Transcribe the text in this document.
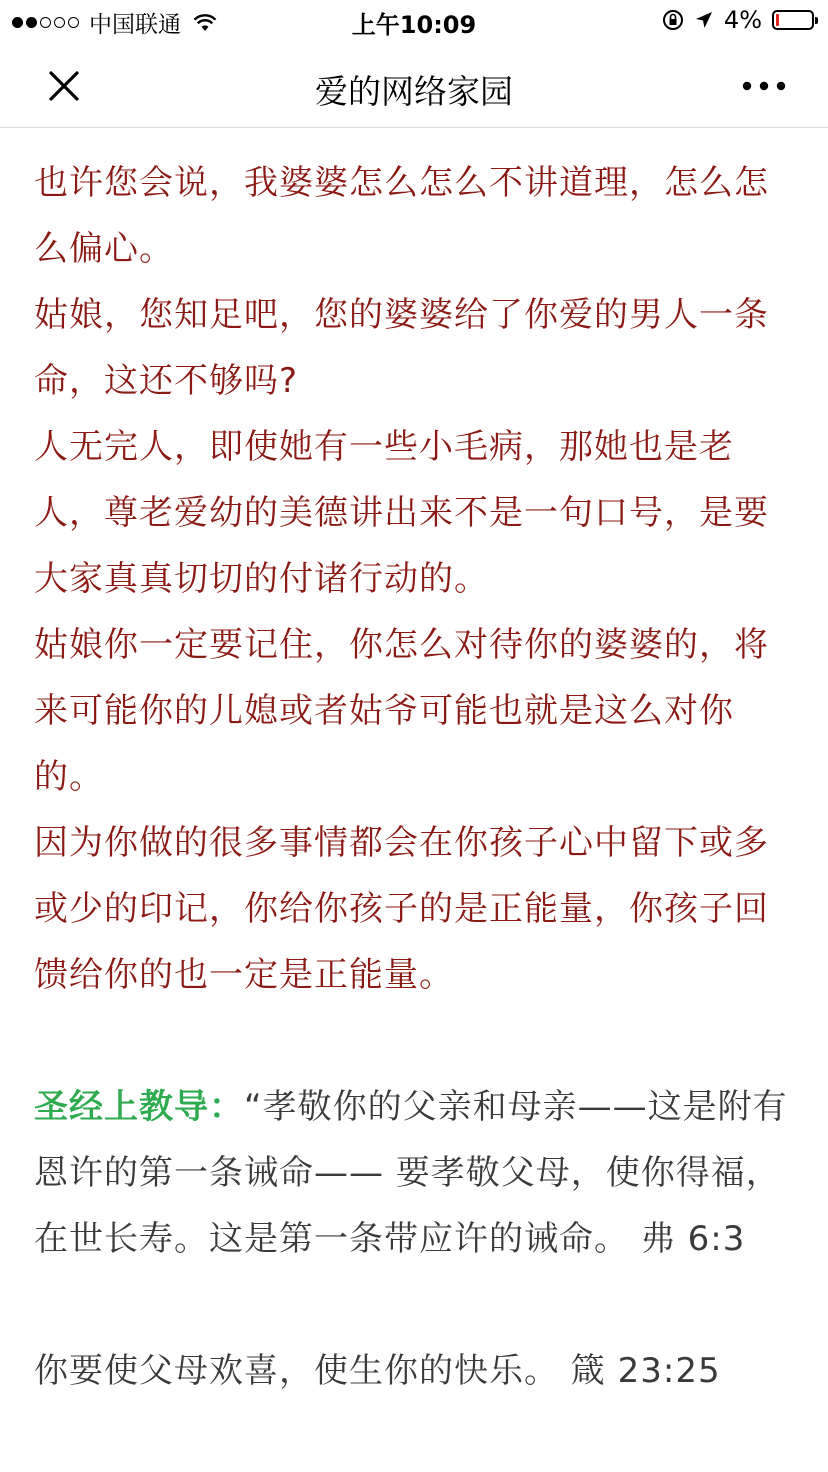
中国联通	上午10:09	4%
爱的网络家园

也许您会说，我婆婆怎么怎么不讲道理，怎么怎么偏心。

姑娘，您知足吧，您的婆婆给了你爱的男人一条命，这还不够吗?

人无完人，即使她有一些小毛病，那她也是老人，尊老爱幼的美德讲出来不是一句口号，是要大家真真切切的付诸行动的。

姑娘你一定要记住，你怎么对待你的婆婆的，将来可能你的儿媳或者姑爷可能也就是这么对你的。

因为你做的很多事情都会在你孩子心中留下或多或少的印记，你给你孩子的是正能量，你孩子回馈给你的也一定是正能量。

圣经上教导：“孝敬你的父亲和母亲——这是附有恩许的第一条诫命—— 要孝敬父母，使你得福，在世长寿。这是第一条带应许的诫命。 弗 6:3

你要使父母欢喜，使生你的快乐。 箴 23:25
